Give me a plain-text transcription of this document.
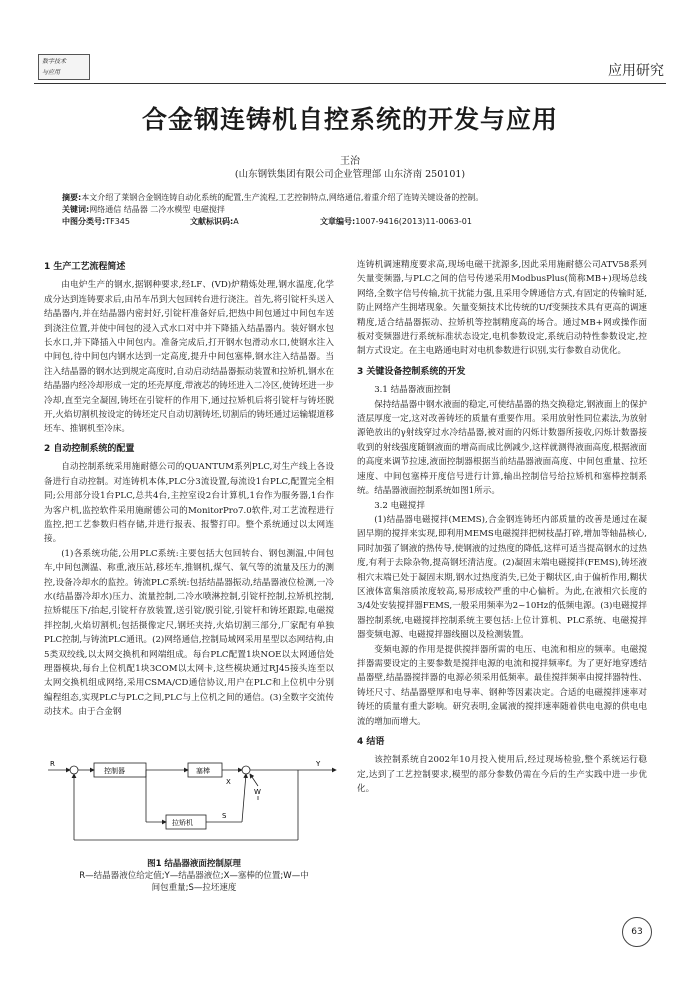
数字技术
与应用	应用研究
合金钢连铸机自控系统的开发与应用
王治
(山东钢铁集团有限公司企业管理部 山东济南 250101)
摘要:本文介绍了莱钢合金钢连铸自动化系统的配置,生产流程,工艺控制特点,网络通信,着重介绍了连铸关键设备的控制。
关键词:网络通信 结晶器 二冷水模型 电磁搅拌
中图分类号:TF345	文献标识码:A	文章编号:1007-9416(2013)11-0063-01
1 生产工艺流程简述

由电炉生产的钢水,据钢种要求,经LF、(VD)炉精炼处理,钢水温度,化学成分达到连铸要求后,由吊车吊到大包回转台进行浇注。首先,将引锭杆头送入结晶器内,并在结晶器内密封好,引锭杆准备好后,把热中间包通过中间包车送到浇注位置,并使中间包的浸入式水口对中并下降插入结晶器内。装好钢水包长水口,并下降插入中间包内。准备完成后,打开钢水包滑动水口,使钢水注入中间包,待中间包内钢水达到一定高度,提升中间包塞棒,钢水注入结晶器。当注入结晶器的钢水达到规定高度时,自动启动结晶器振动装置和拉矫机,钢水在结晶器内经冷却形成一定的坯壳厚度,带液芯的铸坯进入二冷区,使铸坯进一步冷却,直至完全凝固,铸坯在引锭杆的作用下,通过拉矫机后将引锭杆与铸坯脱开,火焰切割机按设定的铸坯定尺自动切割铸坯,切割后的铸坯通过运输辊道移坯车、推钢机至冷床。

2 自动控制系统的配置

自动控制系统采用施耐德公司的QUANTUM系列PLC,对生产线上各设备进行自动控制。对连铸机本体,PLC分3流设置,每流设1台PLC,配置完全相同;公用部分设1台PLC,总共4台,主控室设2台计算机,1台作为服务器,1台作为客户机,监控软件采用施耐德公司的MonitorPro7.0软件,对工艺流程进行监控,把工艺参数归档存储,并进行报表、报警打印。整个系统通过以太网连接。

(1)各系统功能,公用PLC系统:主要包括大包回转台、钢包测温,中间包车,中间包测温、称重,液压站,移坯车,推钢机,煤气、氧气等的流量及压力的测控,设备冷却水的监控。铸流PLC系统:包括结晶器振动,结晶器液位检测,一冷水(结晶器冷却水)压力、流量控制,二冷水喷淋控制,引锭杆控制,拉矫机控制,拉矫辊压下/抬起,引锭杆存放装置,送引锭/脱引锭,引锭杆和铸坯跟踪,电磁搅拌控制,火焰切割机;包括摄像定尺,钢坯夹持,火焰切割三部分,厂家配有单独PLC控制,与铸流PLC通讯。(2)网络通信,控制局域网采用星型以态网结构,由5类双绞线,以太网交换机和网端组成。每台PLC配置1块NOE以太网通信处理器模块,每台上位机配1块3COM以太网卡,这些模块通过RJ45接头连至以太网交换机组成网络,采用CSMA/CD通信协议,用户在PLC和上位机中分别编程组态,实现PLC与PLC之间,PLC与上位机之间的通信。(3)全数字交流传动技术。由于合金钢

R
控制器	塞棒
X
Y
W
S
拉矫机
图1 结晶器液面控制原理
R—结晶器液位给定值;Y—结晶器液位;X—塞棒的位置;W—中
间包重量;S—拉坯速度

连铸机调速精度要求高,现场电磁干扰源多,因此采用施耐德公司ATV58系列矢量变频器,与PLC之间的信号传递采用ModbusPlus(简称MB+)现场总线网络,全数字信号传输,抗干扰能力强,且采用令牌通信方式,有固定的传输时延,防止网络产生拥堵现象。矢量变频技术比传统的U/f变频技术具有更高的调速精度,适合结晶器振动、拉矫机等控制精度高的场合。通过MB+网或操作面板对变频器进行系统标准状态设定,电机参数设定,系统启动特性参数设定,控制方式设定。在主电路通电时对电机参数进行识别,实行参数自动优化。

3 关键设备控制系统的开发
3.1 结晶器液面控制

保持结晶器中钢水液面的稳定,可使结晶器的热交换稳定,钢液面上的保护渣层厚度一定,这对改善铸坯的质量有重要作用。采用放射性同位素法,为放射源铯放出的γ射线穿过水冷结晶器,被对面的闪烁计数器所接收,闪烁计数器接收到的射线强度随钢液面的增高而成比例减少,这样就测得液面高度,根据液面的高度来调节拉速,液面控制器根据当前结晶器液面高度、中间包重量、拉坯速度、中间包塞棒开度信号进行计算,输出控制信号给拉矫机和塞棒控制系统。结晶器液面控制系统如图1所示。

3.2 电磁搅拌

(1)结晶器电磁搅拌(MEMS),合金钢连铸坯内部质量的改善是通过在凝固早期的搅拌来实现,即利用MEMS电磁搅拌把树枝晶打碎,增加等轴晶核心,同时加强了钢液的热传导,使钢液的过热度的降低,这样可适当提高钢水的过热度,有利于去除杂物,提高钢坯清洁度。(2)凝固末端电磁搅拌(FEMS),铸坯液相穴末端已处于凝固末期,钢水过热度消失,已处于糊状区,由于偏析作用,糊状区液体富集溶质浓度较高,易形成较严重的中心偏析。为此,在液相穴长度的3/4处安装搅拌器FEMS,一般采用频率为2~10Hz的低频电源。(3)电磁搅拌器控制系统,电磁搅拌控制系统主要包括:上位计算机、PLC系统、电磁搅拌器变频电源、电磁搅拌器线圈以及检测装置。

变频电源的作用是提供搅拌器所需的电压、电流和相应的频率。电磁搅拌器需要设定的主要参数是搅拌电源的电流和搅拌频率f。为了更好地穿透结晶器壁,结晶器搅拌器的电源必须采用低频率。最佳搅拌频率由搅拌器特性、铸坯尺寸、结晶器壁厚和电导率、钢种等因素决定。合适的电磁搅拌速率对铸坯的质量有重大影响。研究表明,金属液的搅拌速率随着供电电源的供电电流的增加而增大。

4 结语

该控制系统自2002年10月投入使用后,经过现场检验,整个系统运行稳定,达到了工艺控制要求,模型的部分参数仍需在今后的生产实践中进一步优化。

63
